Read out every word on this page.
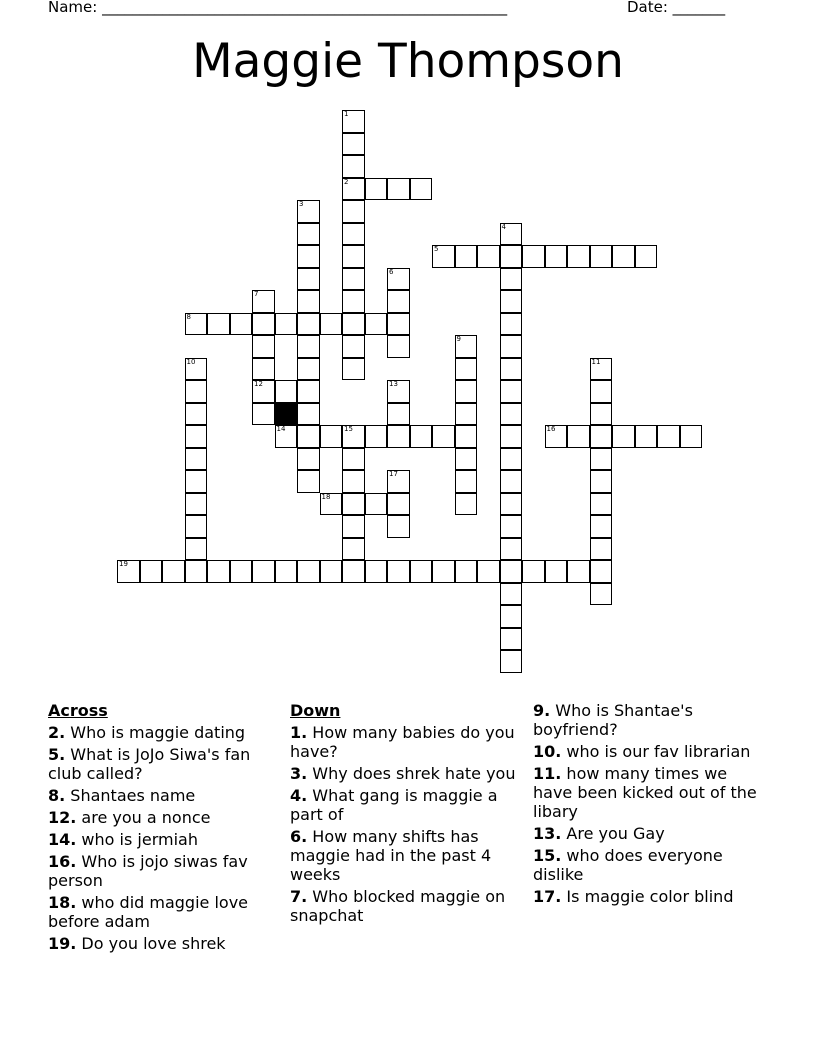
Name: ______________________________________________________	Date: _______
Maggie Thompson
1
2
3
4
5
6
7
12
8
9
10	11
13
14	15	16
17
18
19
Across
2. Who is maggie dating
5. What is JoJo Siwa's fan club called?
8. Shantaes name
12. are you a nonce
14. who is jermiah
16. Who is jojo siwas fav person
18. who did maggie love before adam
19. Do you love shrek
Down
1. How many babies do you have?
3. Why does shrek hate you
4. What gang is maggie a part of
6. How many shifts has maggie had in the past 4 weeks
7. Who blocked maggie on snapchat
9. Who is Shantae's boyfriend?
10. who is our fav librarian
11. how many times we have been kicked out of the libary
13. Are you Gay
15. who does everyone dislike
17. Is maggie color blind
